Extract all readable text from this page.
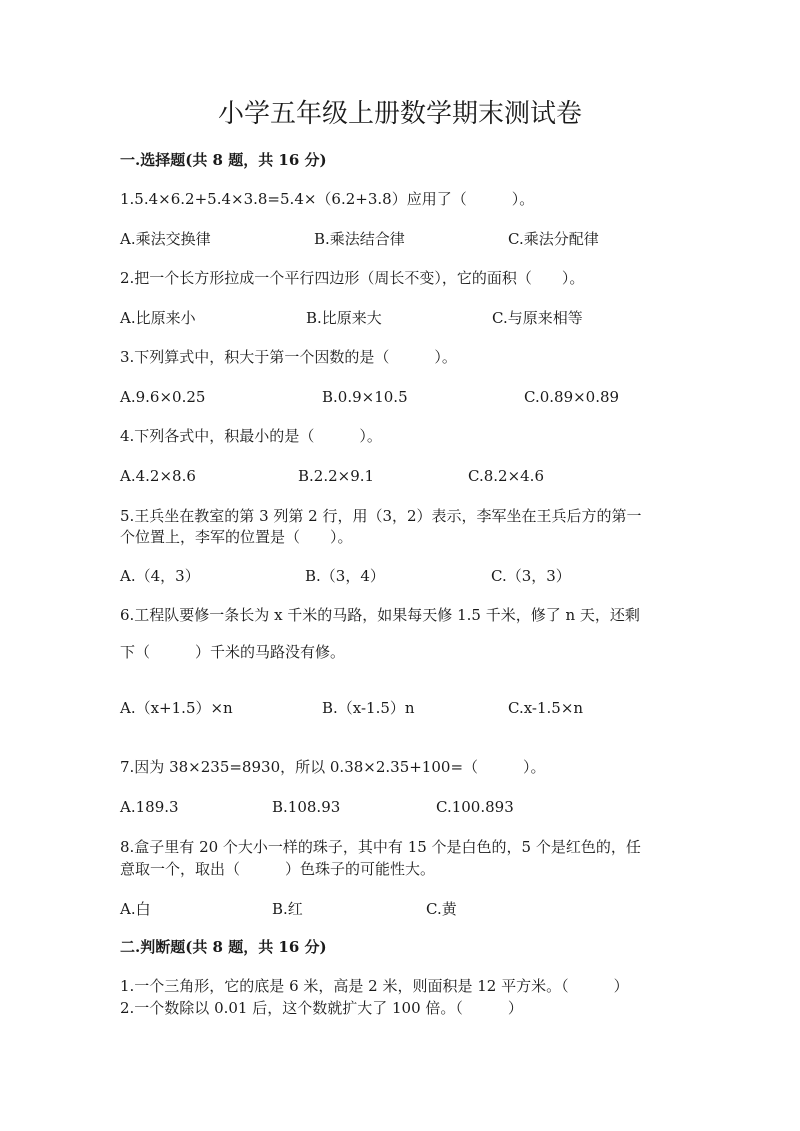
小学五年级上册数学期末测试卷
一.选择题(共 8 题，共 16 分)
1.5.4×6.2+5.4×3.8=5.4×（6.2+3.8）应用了（　　　）。
A.乘法交换律	B.乘法结合律	C.乘法分配律
2.把一个长方形拉成一个平行四边形（周长不变），它的面积（　　）。
A.比原来小	B.比原来大	C.与原来相等
3.下列算式中，积大于第一个因数的是（　　　）。
A.9.6×0.25	B.0.9×10.5	C.0.89×0.89
4.下列各式中，积最小的是（　　　）。
A.4.2×8.6	B.2.2×9.1	C.8.2×4.6
5.王兵坐在教室的第 3 列第 2 行，用（3，2）表示，李军坐在王兵后方的第一
个位置上，李军的位置是（　　）。
A.（4，3）	B.（3，4）	C.（3，3）
6.工程队要修一条长为 x 千米的马路，如果每天修 1.5 千米，修了 n 天，还剩
下（　　　）千米的马路没有修。
A.（x+1.5）×n	B.（x-1.5）n	C.x-1.5×n
7.因为 38×235=8930，所以 0.38×2.35+100=（　　　）。
A.189.3	B.108.93	C.100.893
8.盒子里有 20 个大小一样的珠子，其中有 15 个是白色的，5 个是红色的，任
意取一个，取出（　　　）色珠子的可能性大。
A.白	B.红	C.黄
二.判断题(共 8 题，共 16 分)
1.一个三角形，它的底是 6 米，高是 2 米，则面积是 12 平方米。（　　　）
2.一个数除以 0.01 后，这个数就扩大了 100 倍。（　　　）
